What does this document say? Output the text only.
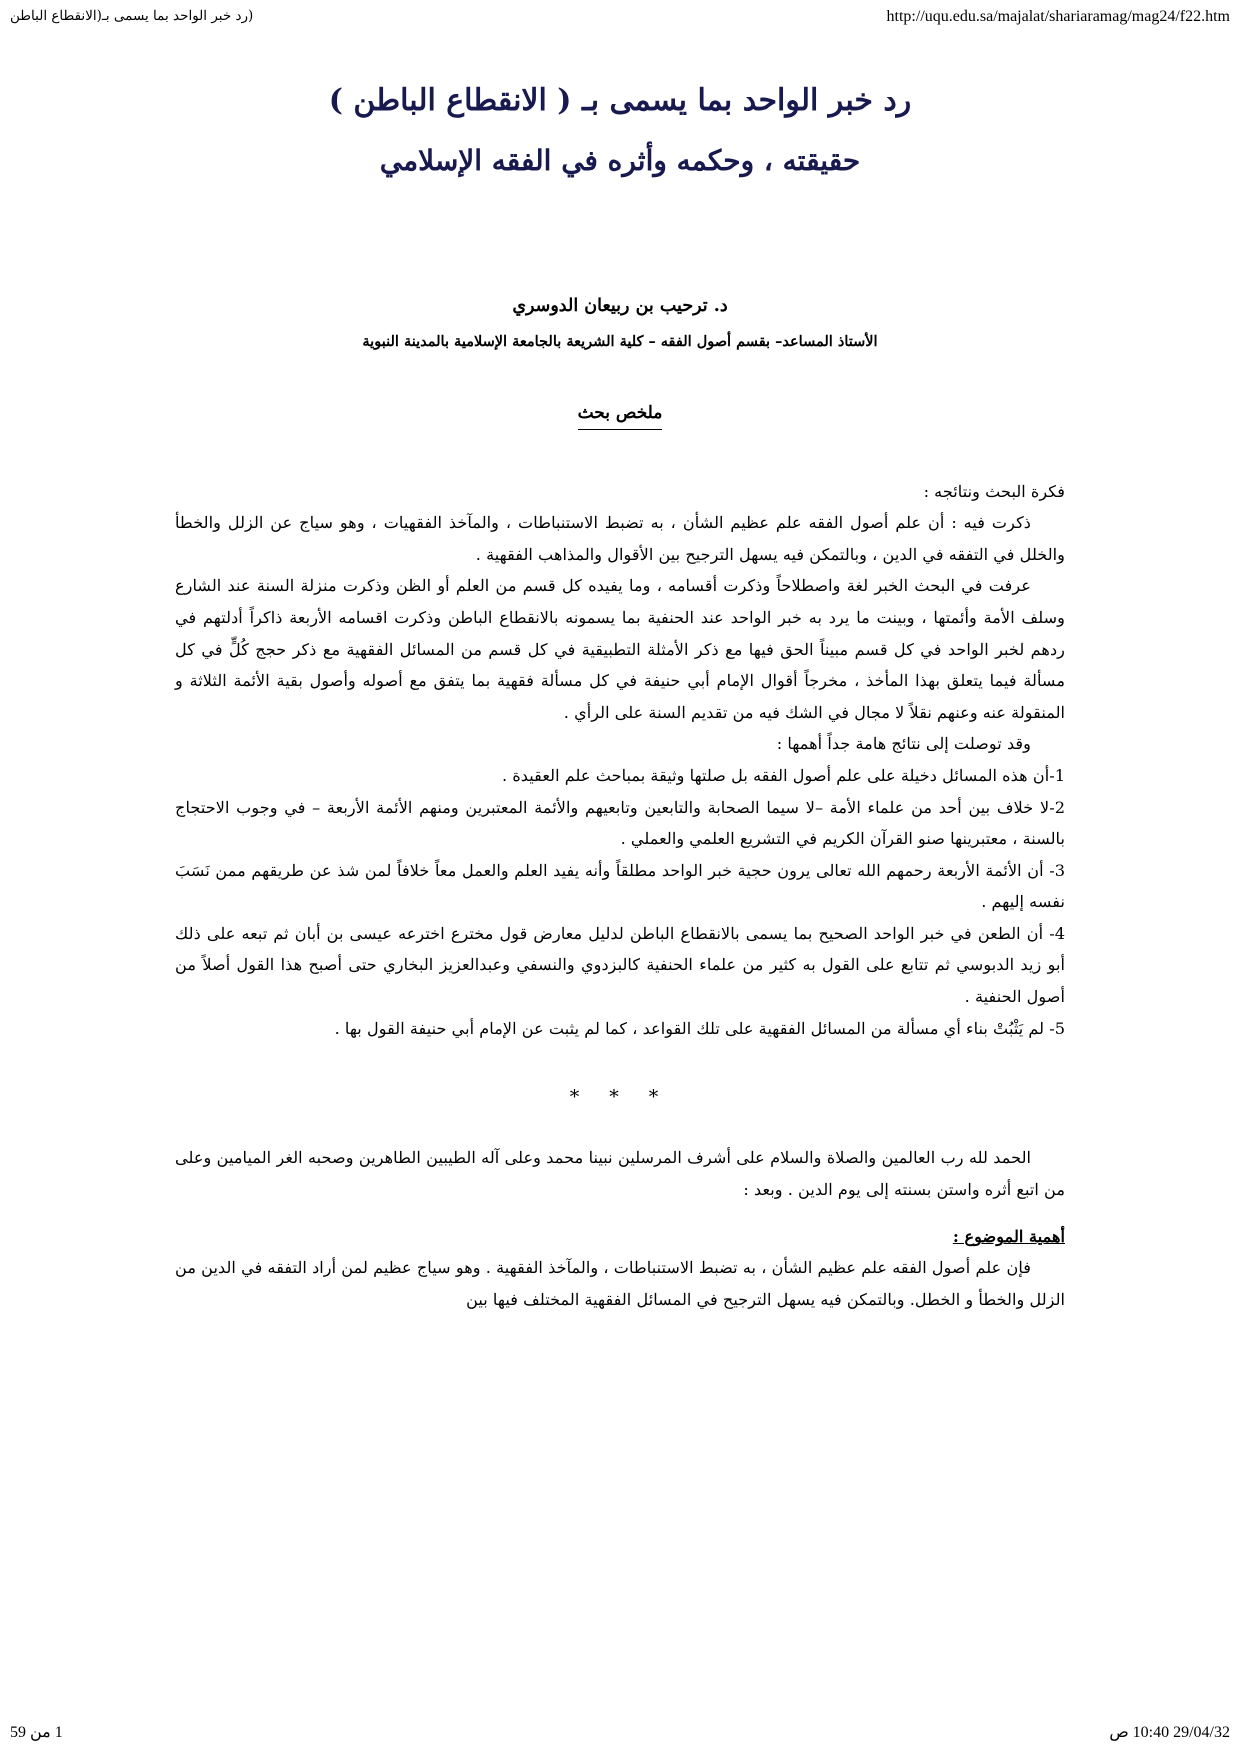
(رد خبر الواحد بما يسمى بـ(الانقطاع الباطن	http://uqu.edu.sa/majalat/shariaramag/mag24/f22.htm
رد خبر الواحد بما يسمى بـ ( الانقطاع الباطن )
حقيقته ، وحكمه وأثره في الفقه الإسلامي
د. ترحيب بن ربيعان الدوسري
الأستاذ المساعد– بقسم أصول الفقه – كلية الشريعة بالجامعة الإسلامية بالمدينة النبوية
ملخص بحث

فكرة البحث ونتائجه :

ذكرت فيه : أن علم أصول الفقه علم عظيم الشأن ، به تضبط الاستنباطات ، والمآخذ الفقهيات ، وهو سياج عن الزلل والخطأ والخلل في التفقه في الدين ، وبالتمكن فيه يسهل الترجيح بين الأقوال والمذاهب الفقهية .

عرفت في البحث الخبر لغة واصطلاحاً وذكرت أقسامه ، وما يفيده كل قسم من العلم أو الظن وذكرت منزلة السنة عند الشارع وسلف الأمة وأئمتها ، وبينت ما يرد به خبر الواحد عند الحنفية بما يسمونه بالانقطاع الباطن وذكرت اقسامه الأربعة ذاكراً أدلتهم في ردهم لخبر الواحد في كل قسم مبيناً الحق فيها مع ذكر الأمثلة التطبيقية في كل قسم من المسائل الفقهية مع ذكر حجج كُلٍّ في كل مسألة فيما يتعلق بهذا المأخذ ، مخرجاً أقوال الإمام أبي حنيفة في كل مسألة فقهية بما يتفق مع أصوله وأصول بقية الأئمة الثلاثة و المنقولة عنه وعنهم نقلاً لا مجال في الشك فيه من تقديم السنة على الرأي .

وقد توصلت إلى نتائج هامة جداً أهمها :

1-أن هذه المسائل دخيلة على علم أصول الفقه بل صلتها وثيقة بمباحث علم العقيدة .

2-لا خلاف بين أحد من علماء الأمة –لا سيما الصحابة والتابعين وتابعيهم والأئمة المعتبرين ومنهم الأئمة الأربعة – في وجوب الاحتجاج بالسنة ، معتبرينها صنو القرآن الكريم في التشريع العلمي والعملي .

3- أن الأئمة الأربعة رحمهم الله تعالى يرون حجية خبر الواحد مطلقاً وأنه يفيد العلم والعمل معاً خلافاً لمن شذ عن طريقهم ممن نَسَبَ نفسه إليهم .

4- أن الطعن في خبر الواحد الصحيح بما يسمى بالانقطاع الباطن لدليل معارض قول مخترع اخترعه عيسى بن أبان ثم تبعه على ذلك أبو زيد الدبوسي ثم تتابع على القول به كثير من علماء الحنفية كالبزدوي والنسفي وعبدالعزيز البخاري حتى أصبح هذا القول أصلاً من أصول الحنفية .

5- لم يَثْبُتْ بناء أي مسألة من المسائل الفقهية على تلك القواعد ، كما لم يثبت عن الإمام أبي حنيفة القول بها .

* * *

الحمد لله رب العالمين والصلاة والسلام على أشرف المرسلين نبينا محمد وعلى آله الطيبين الطاهرين وصحبه الغر الميامين وعلى من اتبع أثره واستن بسنته إلى يوم الدين . وبعد :

أهمية الموضوع :

فإن علم أصول الفقه علم عظيم الشأن ، به تضبط الاستنباطات ، والمآخذ الفقهية . وهو سياج عظيم لمن أراد التفقه في الدين من الزلل والخطأ و الخطل. وبالتمكن فيه يسهل الترجيح في المسائل الفقهية المختلف فيها بين

1 من 59	29/04/32 10:40 ص
